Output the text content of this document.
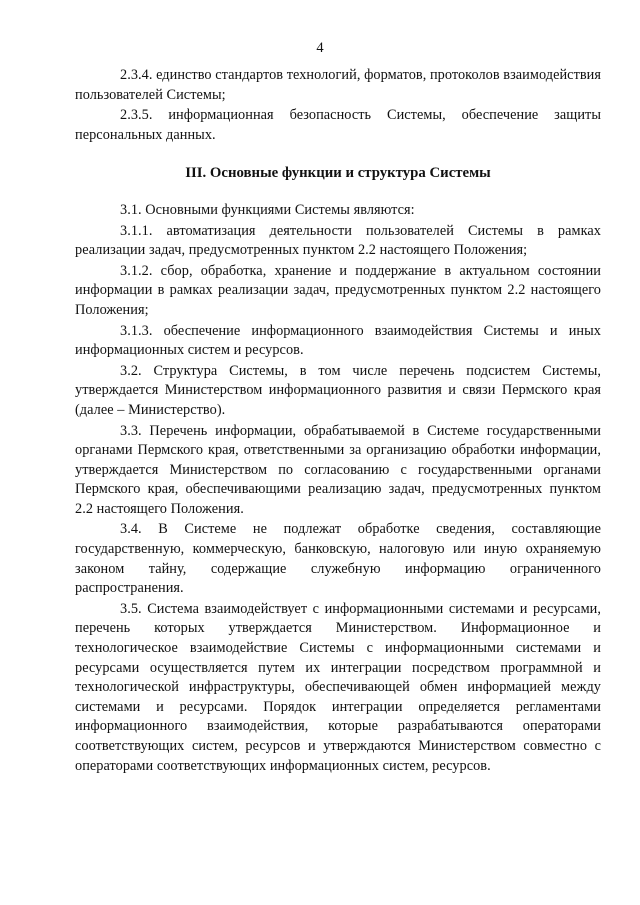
4

2.3.4. единство стандартов технологий, форматов, протоколов взаимодействия пользователей Системы;

2.3.5. информационная безопасность Системы, обеспечение защиты персональных данных.

III. Основные функции и структура Системы

3.1. Основными функциями Системы являются:

3.1.1. автоматизация деятельности пользователей Системы в рамках реализации задач, предусмотренных пунктом 2.2 настоящего Положения;

3.1.2. сбор, обработка, хранение и поддержание в актуальном состоянии информации в рамках реализации задач, предусмотренных пунктом 2.2 настоящего Положения;

3.1.3. обеспечение информационного взаимодействия Системы и иных информационных систем и ресурсов.

3.2. Структура Системы, в том числе перечень подсистем Системы, утверждается Министерством информационного развития и связи Пермского края (далее – Министерство).

3.3. Перечень информации, обрабатываемой в Системе государственными органами Пермского края, ответственными за организацию обработки информации, утверждается Министерством по согласованию с государственными органами Пермского края, обеспечивающими реализацию задач, предусмотренных пунктом 2.2 настоящего Положения.

3.4. В Системе не подлежат обработке сведения, составляющие государственную, коммерческую, банковскую, налоговую или иную охраняемую законом тайну, содержащие служебную информацию ограниченного распространения.

3.5. Система взаимодействует с информационными системами и ресурсами, перечень которых утверждается Министерством. Информационное и технологическое взаимодействие Системы с информационными системами и ресурсами осуществляется путем их интеграции посредством программной и технологической инфраструктуры, обеспечивающей обмен информацией между системами и ресурсами. Порядок интеграции определяется регламентами информационного взаимодействия, которые разрабатываются операторами соответствующих систем, ресурсов и утверждаются Министерством совместно с операторами соответствующих информационных систем, ресурсов.
